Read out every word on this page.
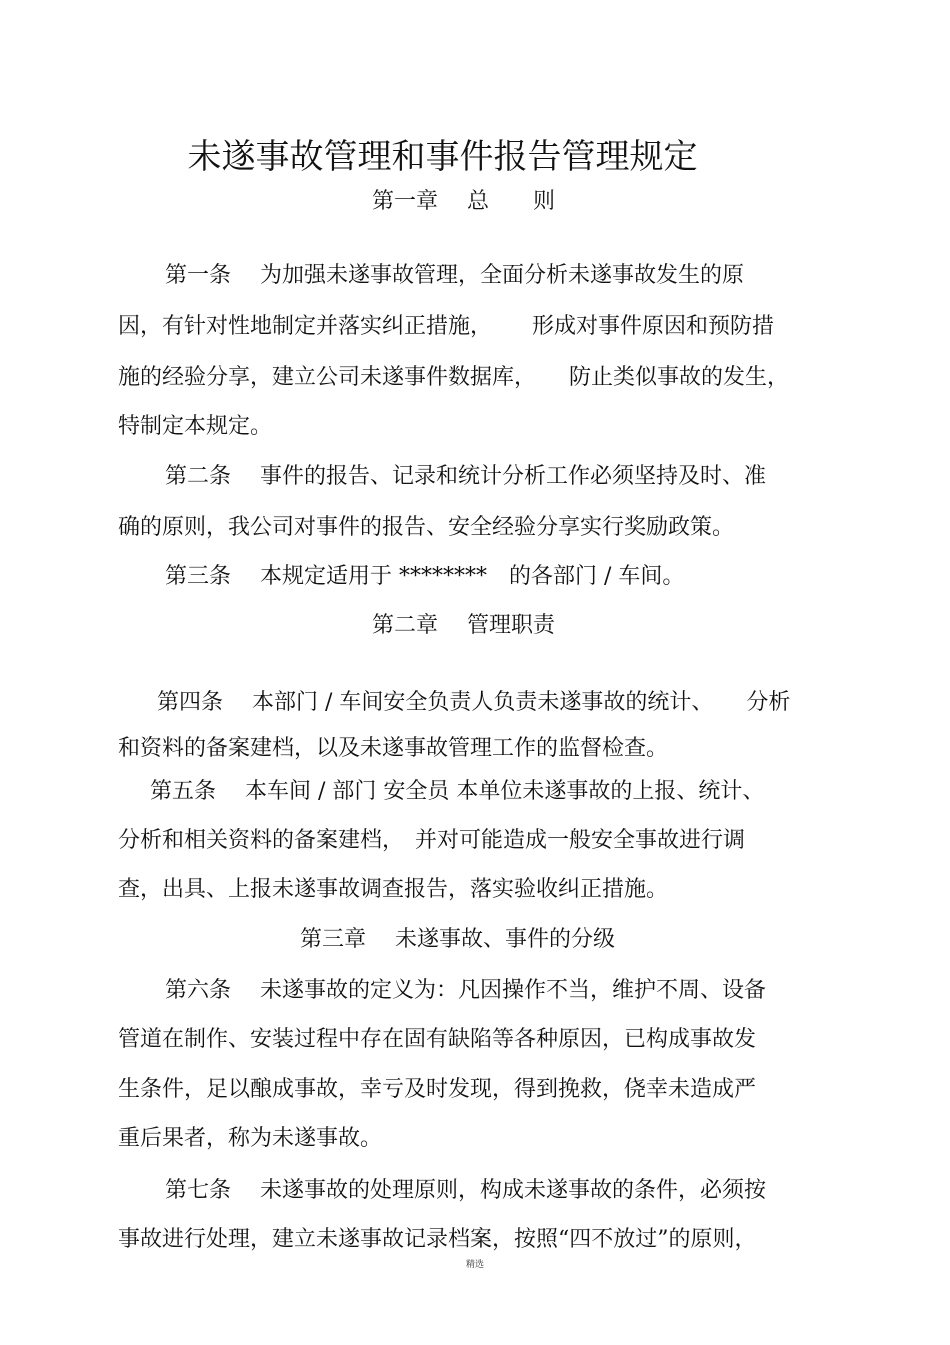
未遂事故管理和事件报告管理规定
第一章　 总　　则
第一条　 为加强未遂事故管理，全面分析未遂事故发生的原
因，有针对性地制定并落实纠正措施，　　 形成对事件原因和预防措
施的经验分享，建立公司未遂事件数据库，　　防止类似事故的发生，
特制定本规定。
第二条　 事件的报告、记录和统计分析工作必须坚持及时、准
确的原则，我公司对事件的报告、安全经验分享实行奖励政策。
第三条　 本规定适用于 ********　的各部门 / 车间。
第二章　 管理职责
第四条　 本部门 / 车间安全负责人负责未遂事故的统计、　　分析
和资料的备案建档，以及未遂事故管理工作的监督检查。
第五条　 本车间 / 部门 安全员 本单位未遂事故的上报、统计、
分析和相关资料的备案建档，　并对可能造成一般安全事故进行调
查，出具、上报未遂事故调查报告，落实验收纠正措施。
第三章　 未遂事故、事件的分级
第六条　 未遂事故的定义为：凡因操作不当，维护不周、设备
管道在制作、安装过程中存在固有缺陷等各种原因，已构成事故发
生条件，足以酿成事故，幸亏及时发现，得到挽救，侥幸未造成严
重后果者，称为未遂事故。
第七条　 未遂事故的处理原则，构成未遂事故的条件，必须按
事故进行处理，建立未遂事故记录档案，按照“四不放过”的原则，
精选
